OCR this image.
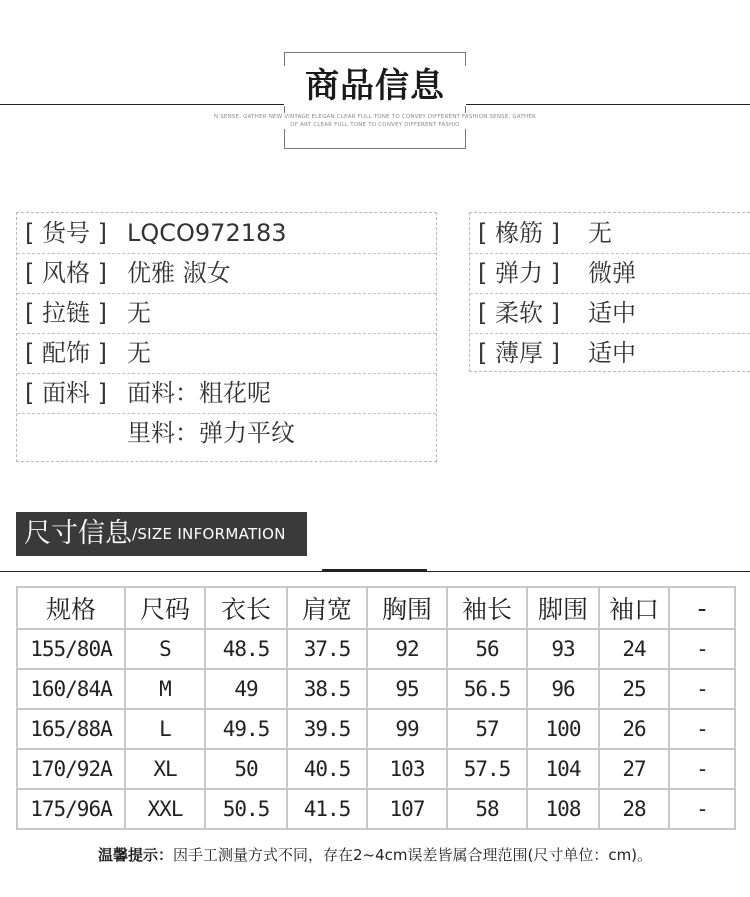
商品信息
N SENSE, GATHER NEW VINTAGE ELEGAN CLEAR FULL TONE TO CONVEY DIFFERENT FASHION SENSE, GATHER
OF ART CLEAR FULL TONE TO CONVEY DIFFERENT FASHIO
[ 货号 ] LQCO972183
[ 风格 ] 优雅 淑女
[ 拉链 ] 无
[ 配饰 ] 无
[ 面料 ] 面料：粗花呢
里料：弹力平纹
[ 橡筋 ] 无
[ 弹力 ] 微弹
[ 柔软 ] 适中
[ 薄厚 ] 适中
尺寸信息/SIZE INFORMATION
规格	尺码	衣长	肩宽	胸围	袖长	脚围	袖口	-
155/80A	S	48.5	37.5	92	56	93	24	-
160/84A	M	49	38.5	95	56.5	96	25	-
165/88A	L	49.5	39.5	99	57	100	26	-
170/92A	XL	50	40.5	103	57.5	104	27	-
175/96A	XXL	50.5	41.5	107	58	108	28	-
温馨提示：因手工测量方式不同，存在2~4cm误差皆属合理范围(尺寸单位：cm)。
